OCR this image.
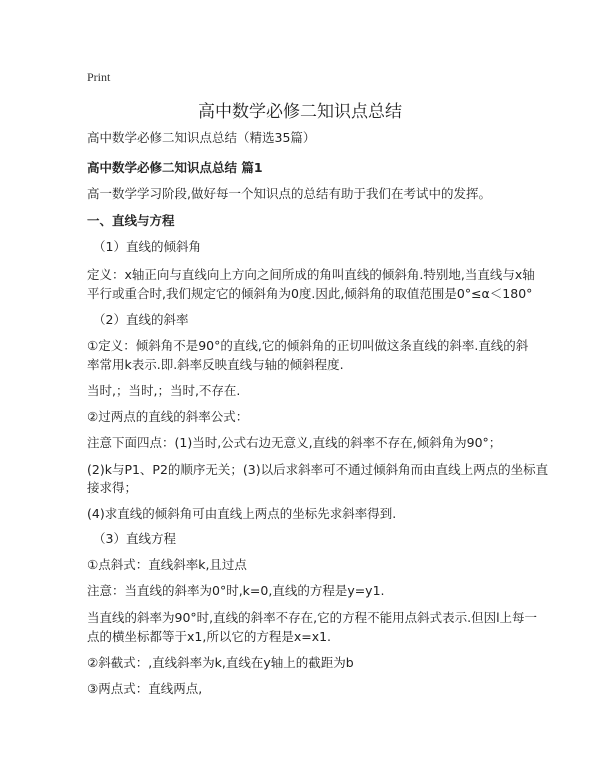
Print
高中数学必修二知识点总结
高中数学必修二知识点总结（精选35篇）
高中数学必修二知识点总结 篇1
高一数学学习阶段,做好每一个知识点的总结有助于我们在考试中的发挥。
一、直线与方程
（1）直线的倾斜角
定义：x轴正向与直线向上方向之间所成的角叫直线的倾斜角.特别地,当直线与x轴
平行或重合时,我们规定它的倾斜角为0度.因此,倾斜角的取值范围是0°≤α＜180°
（2）直线的斜率
①定义：倾斜角不是90°的直线,它的倾斜角的正切叫做这条直线的斜率.直线的斜
率常用k表示.即.斜率反映直线与轴的倾斜程度.
当时,；当时,；当时,不存在.
②过两点的直线的斜率公式：
注意下面四点：(1)当时,公式右边无意义,直线的斜率不存在,倾斜角为90°；
(2)k与P1、P2的顺序无关；(3)以后求斜率可不通过倾斜角而由直线上两点的坐标直
接求得；
(4)求直线的倾斜角可由直线上两点的坐标先求斜率得到.
（3）直线方程
①点斜式：直线斜率k,且过点
注意：当直线的斜率为0°时,k=0,直线的方程是y=y1.
当直线的斜率为90°时,直线的斜率不存在,它的方程不能用点斜式表示.但因l上每一
点的横坐标都等于x1,所以它的方程是x=x1.
②斜截式：,直线斜率为k,直线在y轴上的截距为b
③两点式：直线两点,
